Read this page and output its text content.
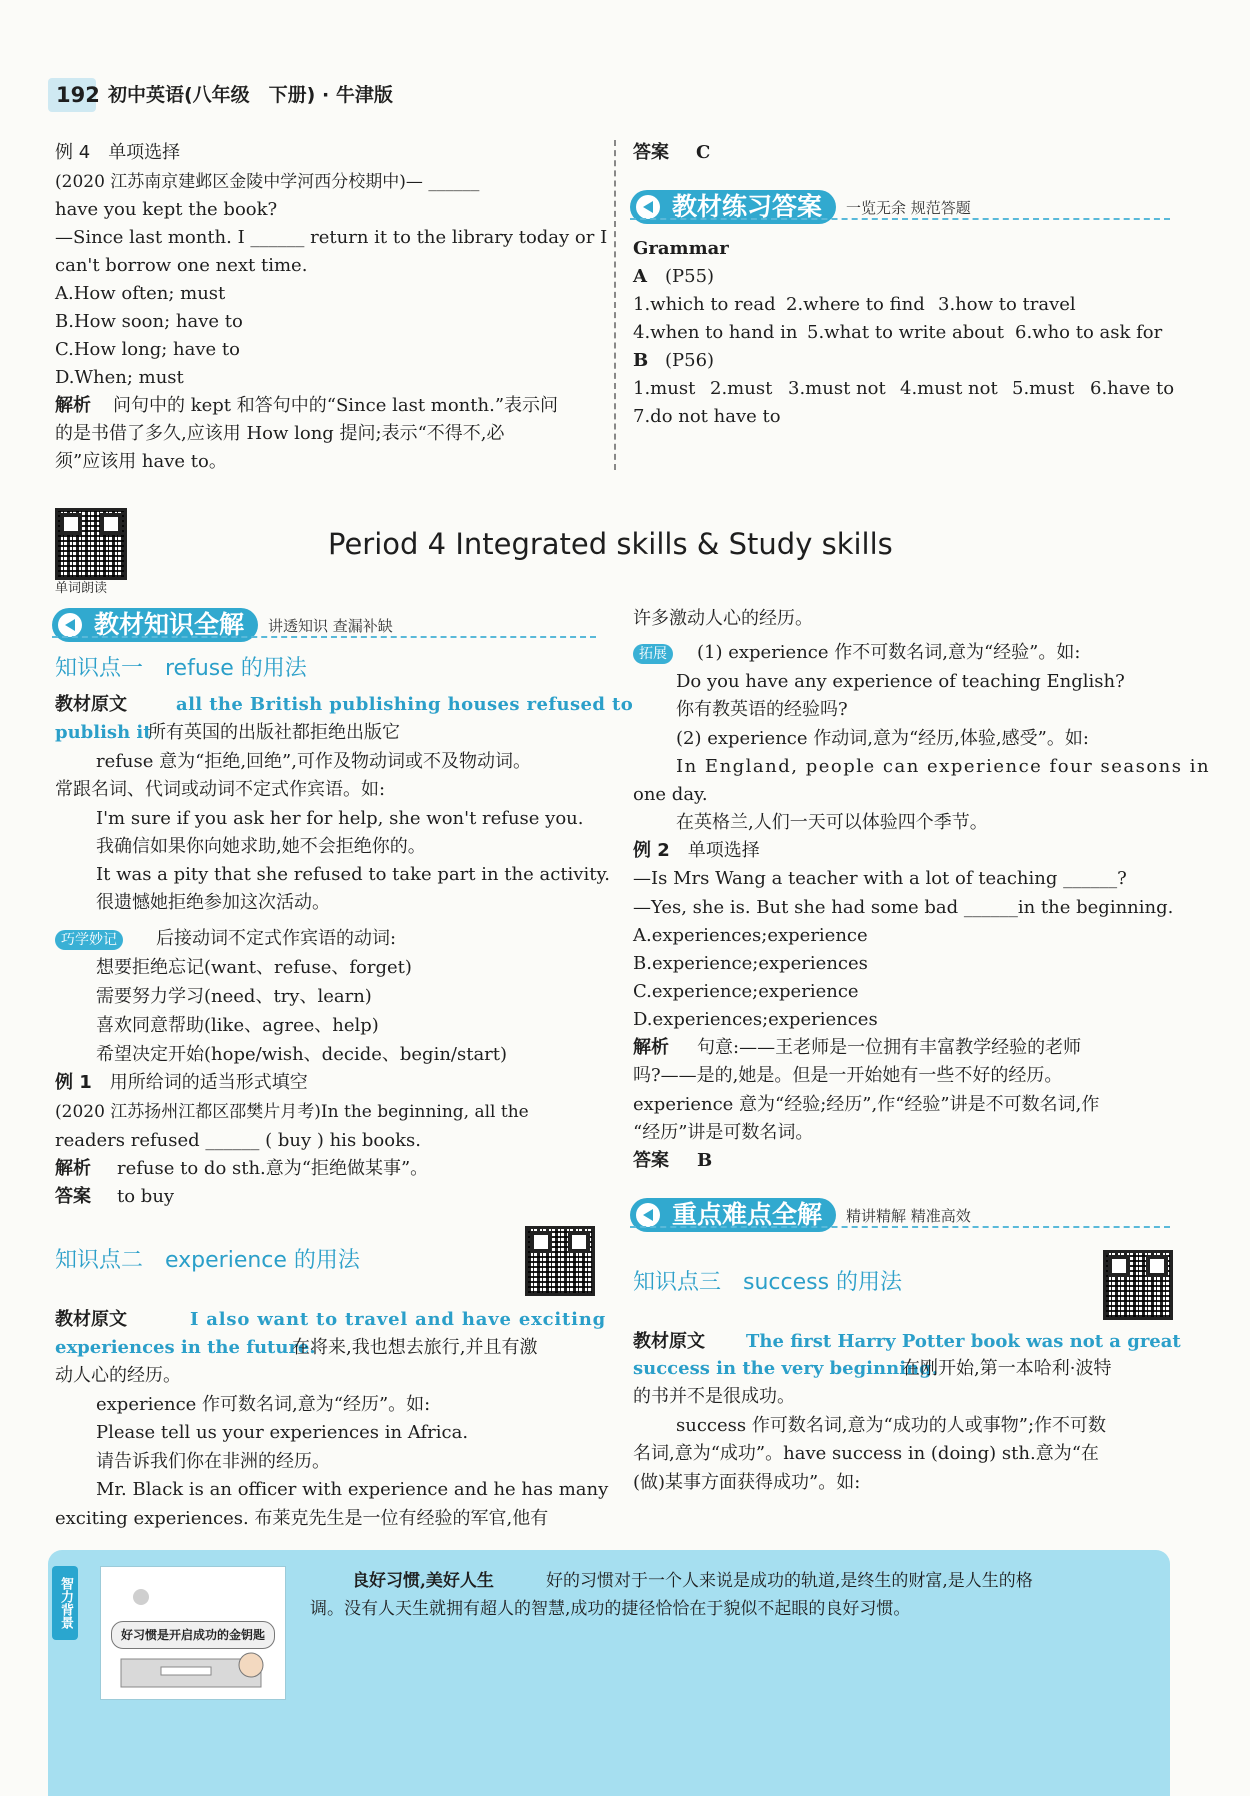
192 初中英语(八年级　下册) · 牛津版
例 4　 单项选择
(2020 江苏南京建邺区金陵中学河西分校期中)— ______
have you kept the book?
—Since last month. I ______ return it to the library today or I
can't borrow one next time.
A.How often; must
B.How soon; have to
C.How long; have to
D.When; must
解析 问句中的 kept 和答句中的“Since last month.”表示问
的是书借了多久,应该用 How long 提问;表示“不得不,必
须”应该用 have to。
答案 C
教材练习答案	一览无余 规范答题
Grammar
A (P55)
1.which to read 2.where to find 3.how to travel
4.when to hand in 5.what to write about 6.who to ask for
B (P56)
1.must 2.must 3.must not 4.must not 5.must 6.have to
7.do not have to
单词朗读
Period 4 Integrated skills & Study skills
教材知识全解	讲透知识 查漏补缺
知识点一　refuse 的用法
教材原文	all the British publishing houses refused to
publish it
所有英国的出版社都拒绝出版它
refuse 意为“拒绝,回绝”,可作及物动词或不及物动词。
常跟名词、代词或动词不定式作宾语。如:
I'm sure if you ask her for help, she won't refuse you.
我确信如果你向她求助,她不会拒绝你的。
It was a pity that she refused to take part in the activity.
很遗憾她拒绝参加这次活动。
巧学妙记	后接动词不定式作宾语的动词:
想要拒绝忘记(want、refuse、forget)
需要努力学习(need、try、learn)
喜欢同意帮助(like、agree、help)
希望决定开始(hope/wish、decide、begin/start)
例 1　 用所给词的适当形式填空
(2020 江苏扬州江都区邵樊片月考)In the beginning, all the
readers refused ______ ( buy ) his books.
解析 refuse to do sth.意为“拒绝做某事”。
答案 to buy
知识点二　experience 的用法
教材原文	I also want to travel and have exciting
experiences in the future.
在将来,我也想去旅行,并且有激
动人心的经历。
experience 作可数名词,意为“经历”。如:
Please tell us your experiences in Africa.
请告诉我们你在非洲的经历。
Mr. Black is an officer with experience and he has many
exciting experiences. 布莱克先生是一位有经验的军官,他有
许多激动人心的经历。
拓展	(1) experience 作不可数名词,意为“经验”。如:
Do you have any experience of teaching English?
你有教英语的经验吗?
(2) experience 作动词,意为“经历,体验,感受”。如:
In England, people can experience four seasons in
one day.
在英格兰,人们一天可以体验四个季节。
例 2　 单项选择
—Is Mrs Wang a teacher with a lot of teaching ______?
—Yes, she is. But she had some bad ______in the beginning.
A.experiences;experience
B.experience;experiences
C.experience;experience
D.experiences;experiences
解析 句意:——王老师是一位拥有丰富教学经验的老师
吗?——是的,她是。但是一开始她有一些不好的经历。
experience 意为“经验;经历”,作“经验”讲是不可数名词,作
“经历”讲是可数名词。
答案 B
重点难点全解	精讲精解 精准高效
知识点三　success 的用法
教材原文 The first Harry Potter book was not a great
success in the very beginning.
在刚开始,第一本哈利·波特
的书并不是很成功。
success 作可数名词,意为“成功的人或事物”;作不可数
名词,意为“成功”。have success in (doing) sth.意为“在
(做)某事方面获得成功”。如:
智力背景
好习惯是开启成功的金钥匙
良好习惯,美好人生	好的习惯对于一个人来说是成功的轨道,是终生的财富,是人生的格
调。没有人天生就拥有超人的智慧,成功的捷径恰恰在于貌似不起眼的良好习惯。
